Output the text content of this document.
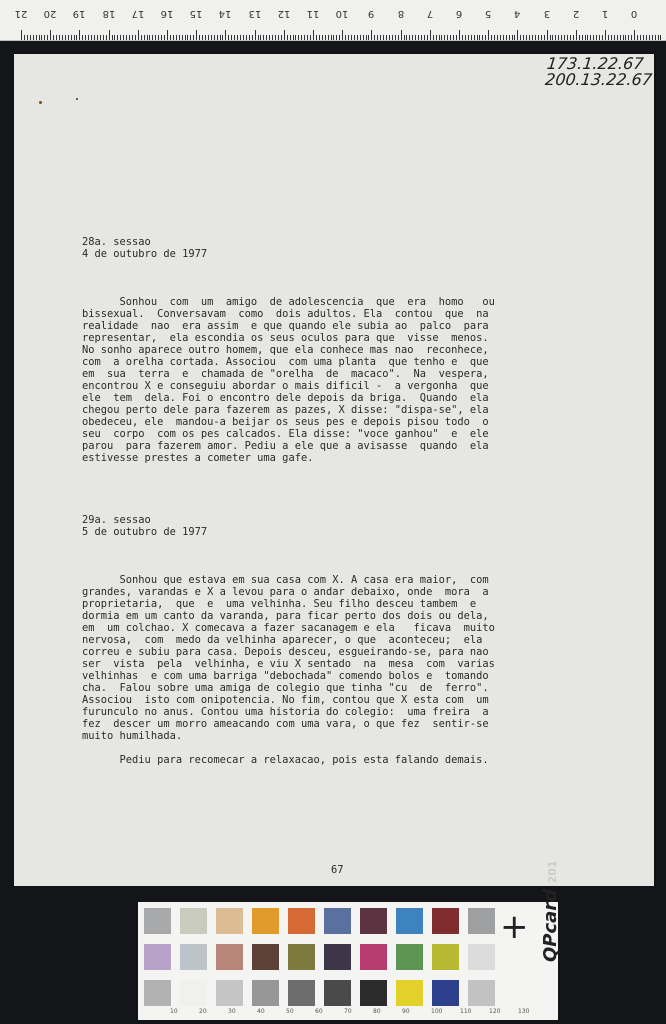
21	20	19	18	17	16	15	14	13	12	11	10	9	8	7	6	5	4	3	2	1	0

28a. sessao

4 de outubro de 1977

Sonhou  com  um  amigo  de adolescencia  que  era  homo   ou

bissexual.  Conversavam  como  dois adultos. Ela  contou  que  na

realidade  nao  era assim  e que quando ele subia ao  palco  para

representar,  ela escondia os seus oculos para que  visse  menos.

No sonho aparece outro homem, que ela conhece mas nao  reconhece,

com  a orelha cortada. Associou  com uma planta  que tenho e  que

em  sua  terra  e  chamada de "orelha  de  macaco".  Na  vespera,

encontrou X e conseguiu abordar o mais dificil -  a vergonha  que

ele  tem  dela. Foi o encontro dele depois da briga.  Quando  ela

chegou perto dele para fazerem as pazes, X disse: "dispa-se", ela

obedeceu, ele  mandou-a beijar os seus pes e depois pisou todo  o

seu  corpo  com os pes calcados. Ela disse: "voce ganhou"  e  ele

parou  para fazerem amor. Pediu a ele que a avisasse  quando  ela

estivesse prestes a cometer uma gafe.

29a. sessao

5 de outubro de 1977

Sonhou que estava em sua casa com X. A casa era maior,  com

grandes, varandas e X a levou para o andar debaixo, onde  mora  a

proprietaria,  que  e  uma velhinha. Seu filho desceu tambem  e

dormia em um canto da varanda, para ficar perto dos dois ou dela,

em  um colchao. X comecava a fazer sacanagem e ela   ficava  muito

nervosa,  com  medo da velhinha aparecer, o que  aconteceu;  ela

correu e subiu para casa. Depois desceu, esgueirando-se, para nao

ser  vista  pela  velhinha, e viu X sentado  na  mesa  com  varias

velhinhas  e com uma barriga "debochada" comendo bolos e  tomando

cha.  Falou sobre uma amiga de colegio que tinha "cu  de  ferro".

Associou  isto com onipotencia. No fim, contou que X esta com  um

furunculo no anus. Contou uma historia do colegio:  uma freira  a

fez  descer um morro ameacando com uma vara, o que fez  sentir-se

muito humilhada.

Pediu para recomecar a relaxacao, pois esta falando demais.

67
173.1.22.67
200.13.22.67
+
10	20	30	40	50	60	70	80	90	100	110	120	130
QPcard 201
